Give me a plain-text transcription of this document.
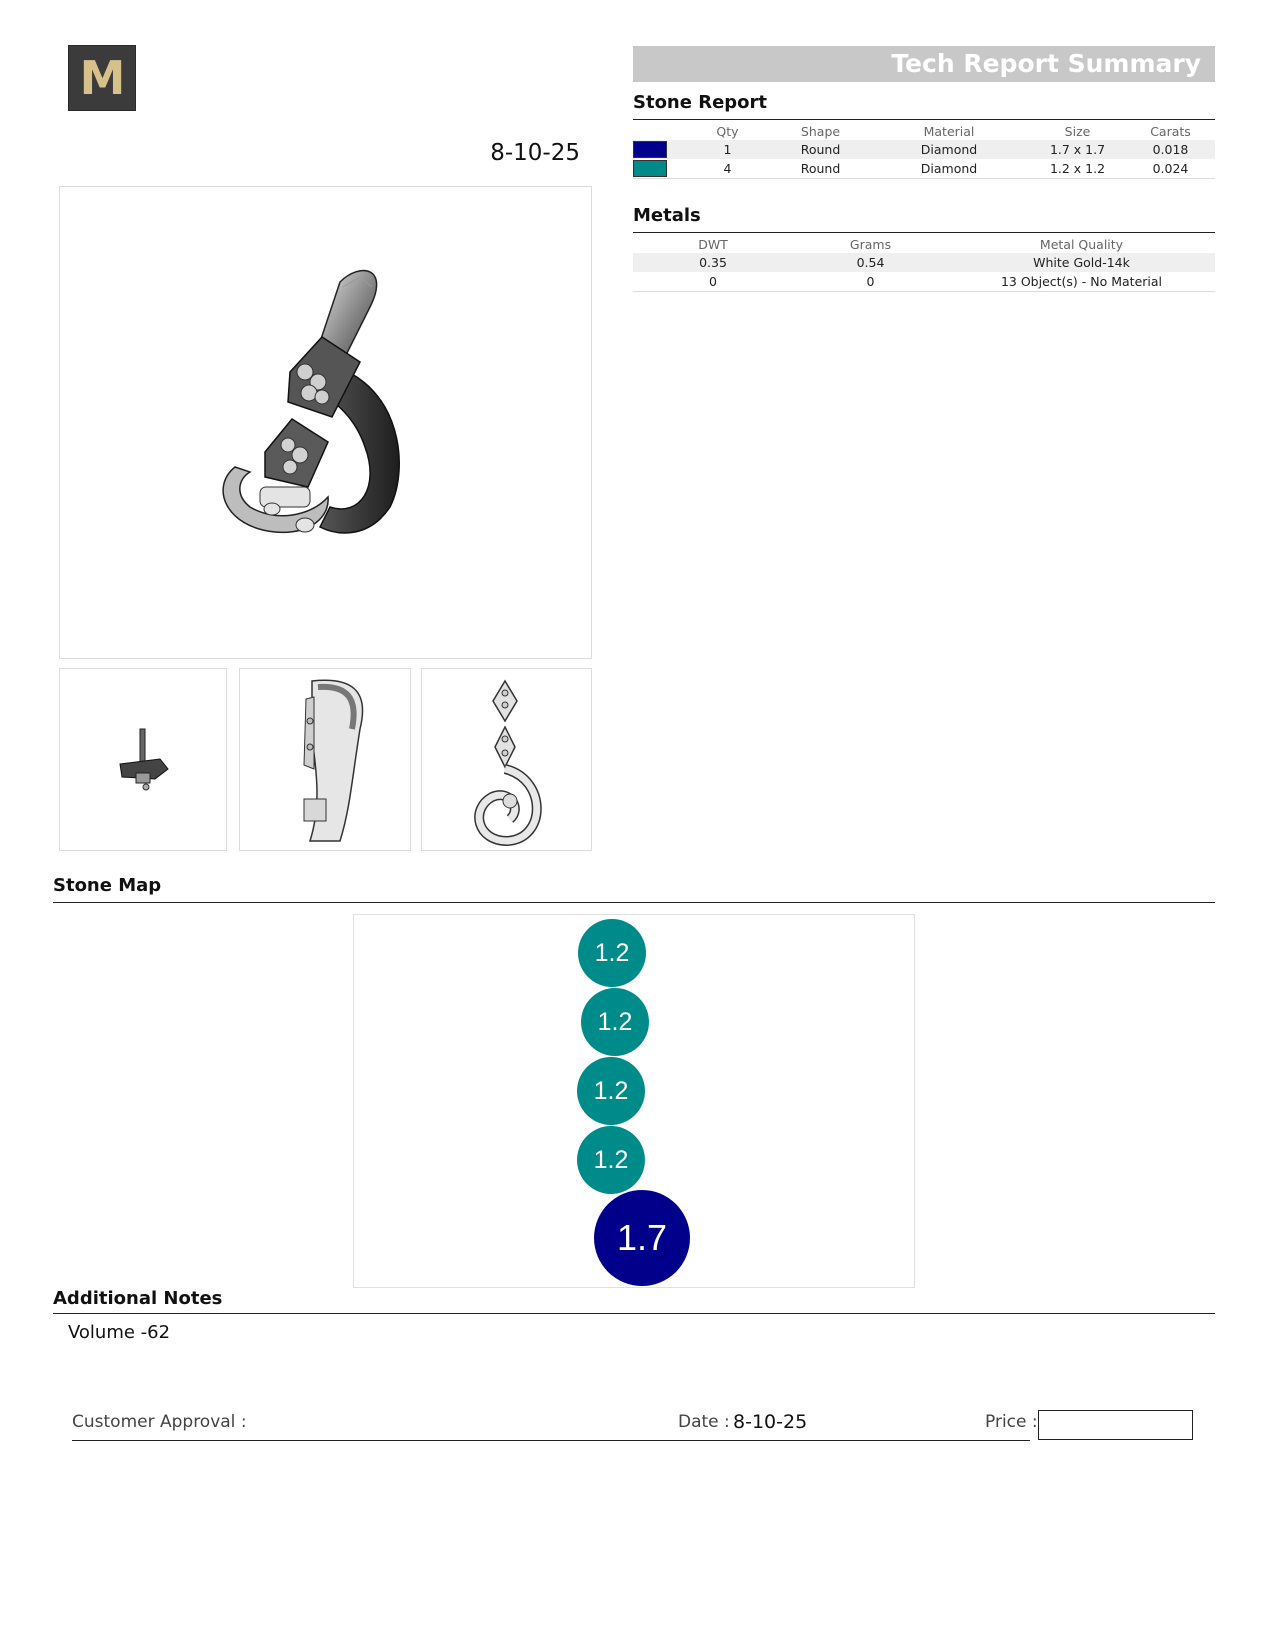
M
8-10-25
Tech Report Summary
Stone Report
	Qty	Shape	Material	Size	Carats
	1	Round	Diamond	1.7 x 1.7	0.018
	4	Round	Diamond	1.2 x 1.2	0.024
Metals
DWT	Grams	Metal Quality
0.35	0.54	White Gold-14k
0	0	13 Object(s) - No Material
Stone Map
1.2
1.2
1.2
1.2
1.7
Additional Notes
Volume -62
Customer Approval :	Date : 8-10-25	Price :
